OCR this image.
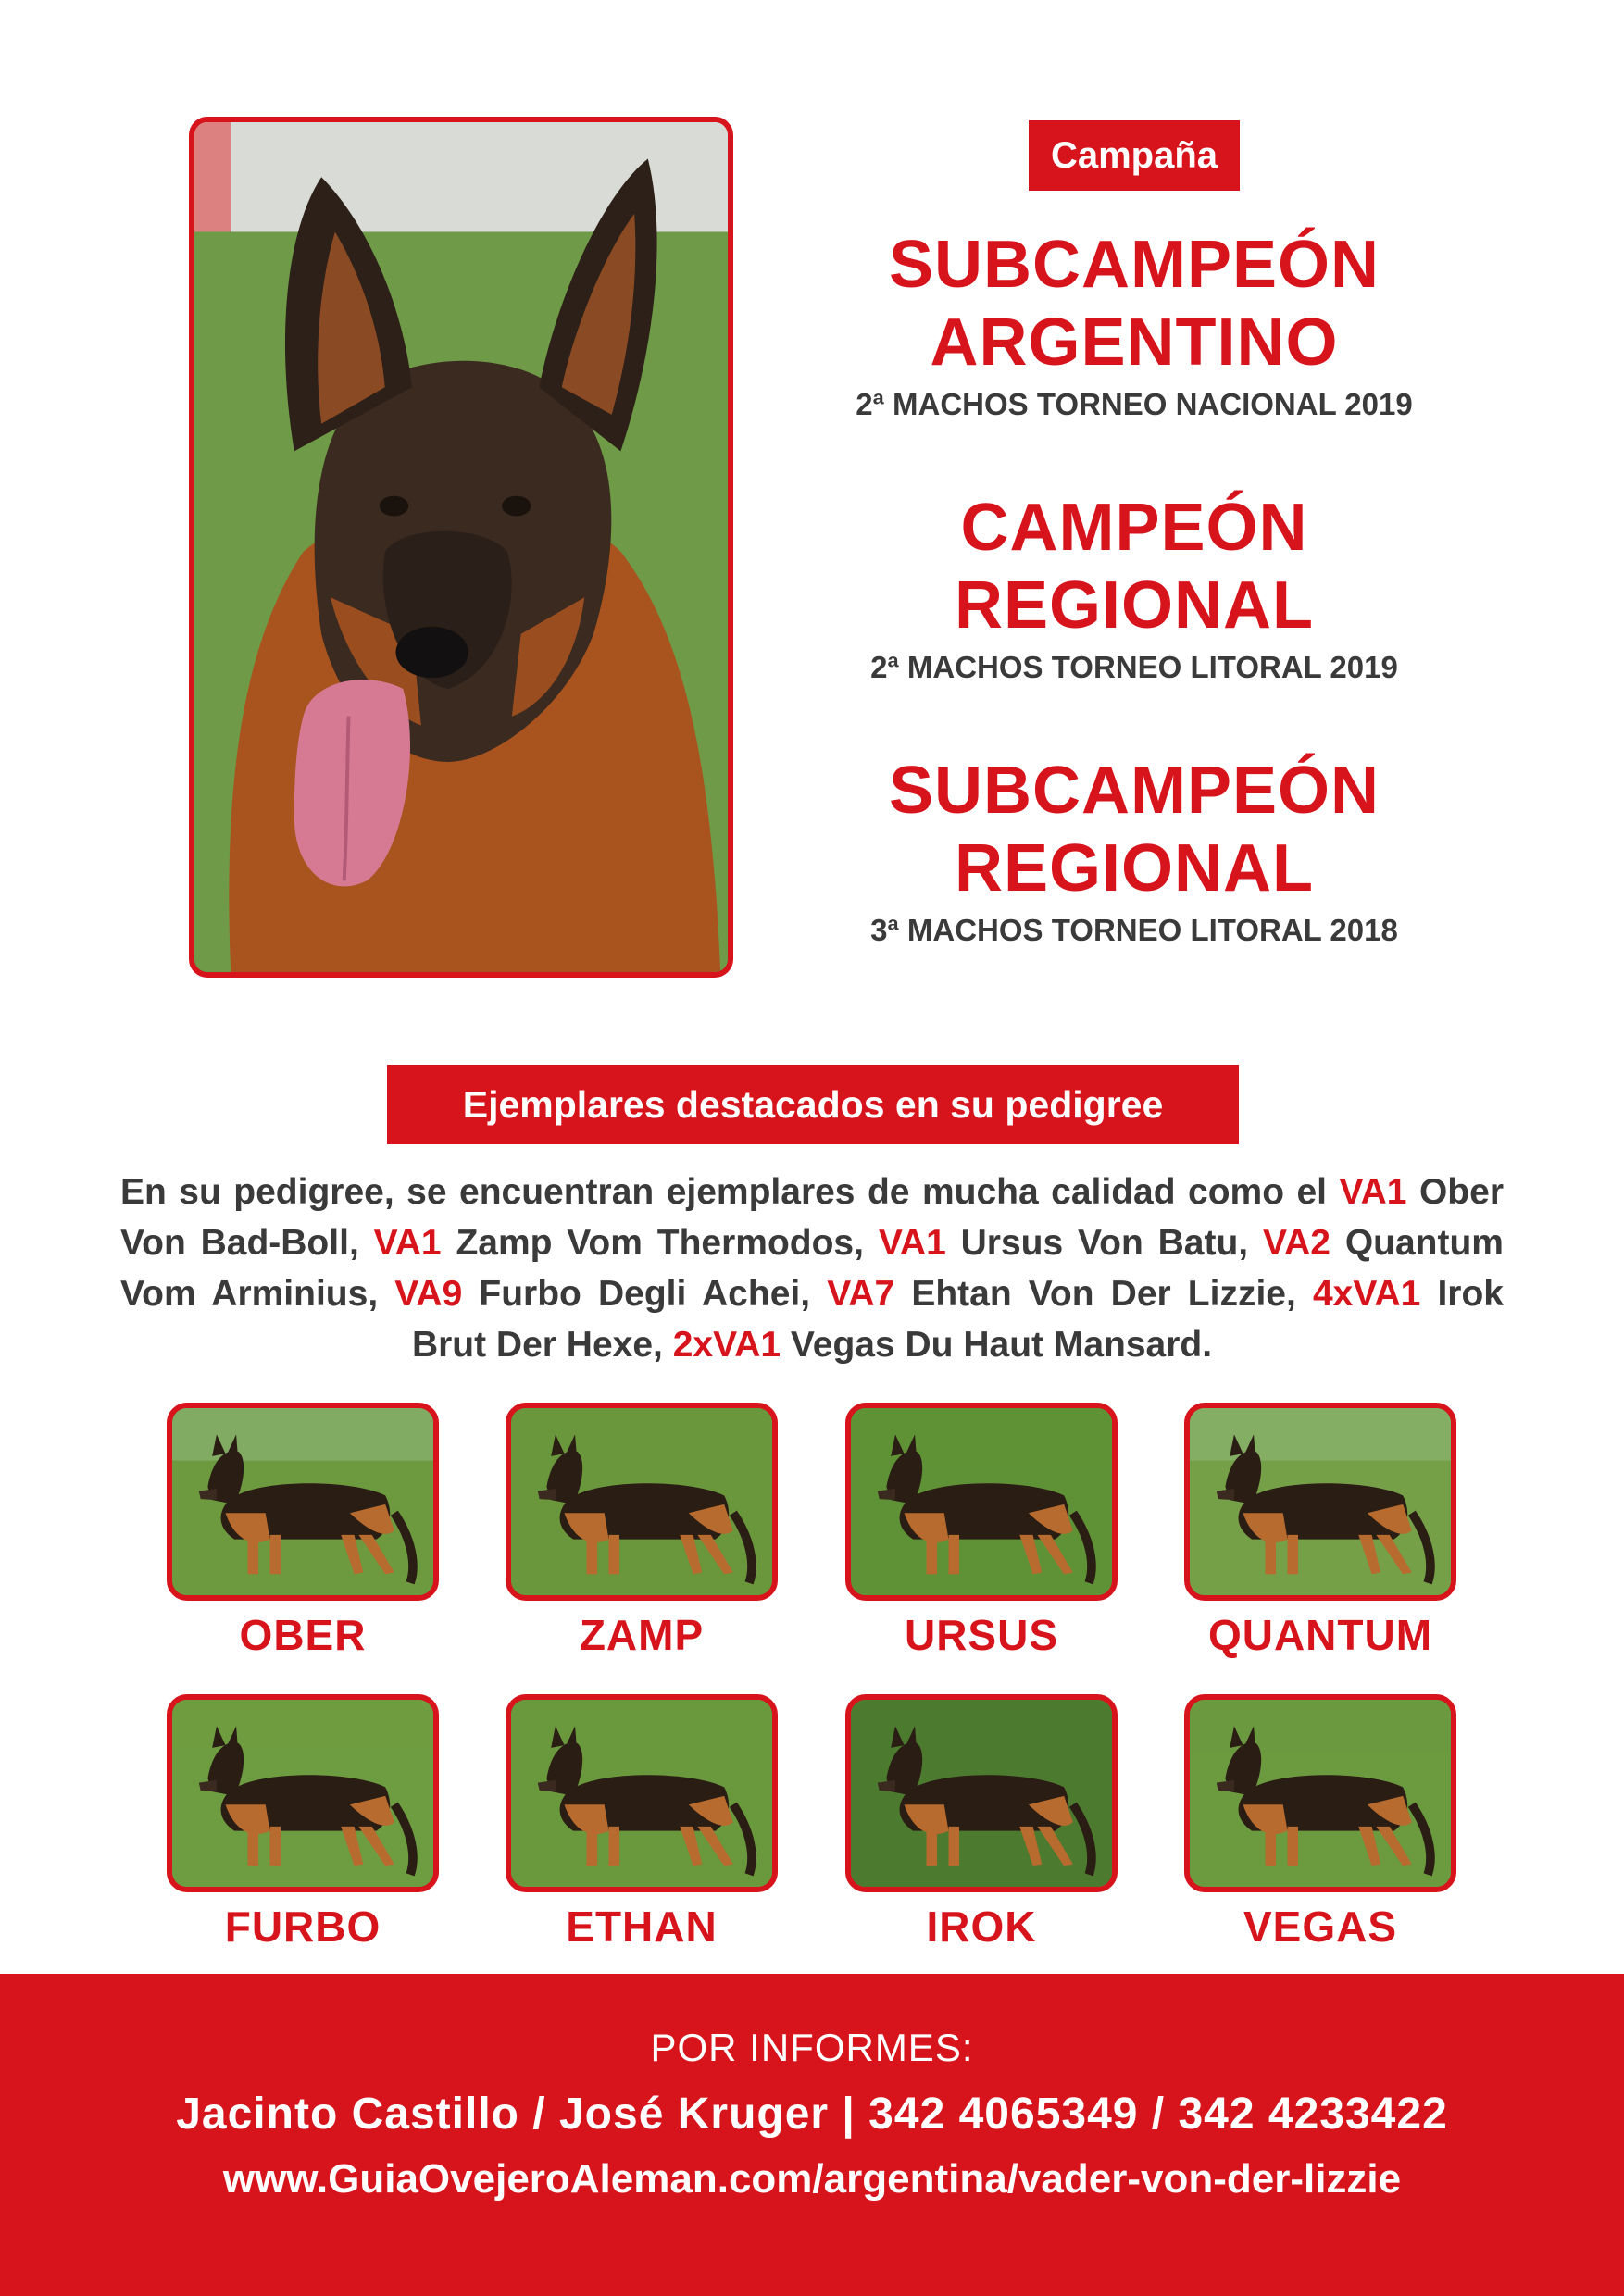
Campaña
SUBCAMPEÓN
ARGENTINO
2ª MACHOS TORNEO NACIONAL 2019
CAMPEÓN
REGIONAL
2ª MACHOS TORNEO LITORAL 2019
SUBCAMPEÓN
REGIONAL
3ª MACHOS TORNEO LITORAL 2018
Ejemplares destacados en su pedigree
En su pedigree, se encuentran ejemplares de mucha calidad como el VA1 Ober Von Bad-Boll, VA1 Zamp Vom Thermodos, VA1 Ursus Von Batu, VA2 Quantum Vom Arminius, VA9 Furbo Degli Achei, VA7 Ehtan Von Der Lizzie, 4xVA1 Irok Brut Der Hexe, 2xVA1 Vegas Du Haut Mansard.
OBER	ZAMP	URSUS	QUANTUM
FURBO	ETHAN	IROK	VEGAS
POR INFORMES:
Jacinto Castillo / José Kruger | 342 4065349 / 342 4233422
www.GuiaOvejeroAleman.com/argentina/vader-von-der-lizzie
